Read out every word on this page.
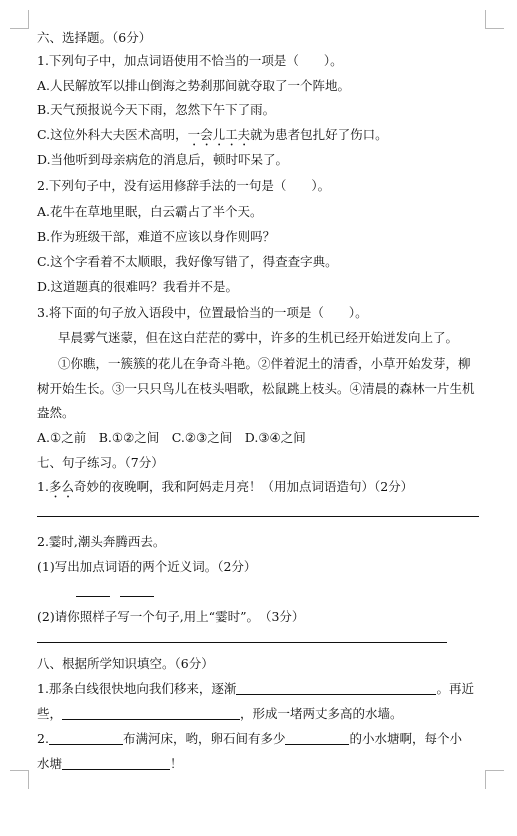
六、选择题。（6分）
1.下列句子中，加点词语使用不恰当的一项是（　　）。
A.人民解放军以排山倒海之势刹那间就夺取了一个阵地。
B.天气预报说今天下雨，忽然下午下了雨。
C.这位外科大夫医术高明，一会儿工夫就为患者包扎好了伤口。
D.当他听到母亲病危的消息后，顿时吓呆了。
2.下列句子中，没有运用修辞手法的一句是（　　）。
A.花牛在草地里眠，白云霸占了半个天。
B.作为班级干部，难道不应该以身作则吗？
C.这个字看着不太顺眼，我好像写错了，得查查字典。
D.这道题真的很难吗？我看并不是。
3.将下面的句子放入语段中，位置最恰当的一项是（　　）。
早晨雾气迷蒙，但在这白茫茫的雾中，许多的生机已经开始迸发向上了。
①你瞧，一簇簇的花儿在争奇斗艳。②伴着泥土的清香，小草开始发芽，柳
树开始生长。③一只只鸟儿在枝头唱歌，松鼠跳上枝头。④清晨的森林一片生机
盎然。
A.①之前　B.①②之间　C.②③之间　D.③④之间
七、句子练习。（7分）
1.多么奇妙的夜晚啊，我和阿妈走月亮！（用加点词语造句）（2分）
2.霎时,潮头奔腾西去。
(1)写出加点词语的两个近义词。（2分）
(2)请你照样子写一个句子,用上“霎时”。　（3分）
八、根据所学知识填空。（6分）
1.那条白线很快地向我们移来，逐渐	。再近
些，	，形成一堵两丈多高的水墙。
2.	布满河床，哟，卵石间有多少	的小水塘啊，每个小
水塘	！
